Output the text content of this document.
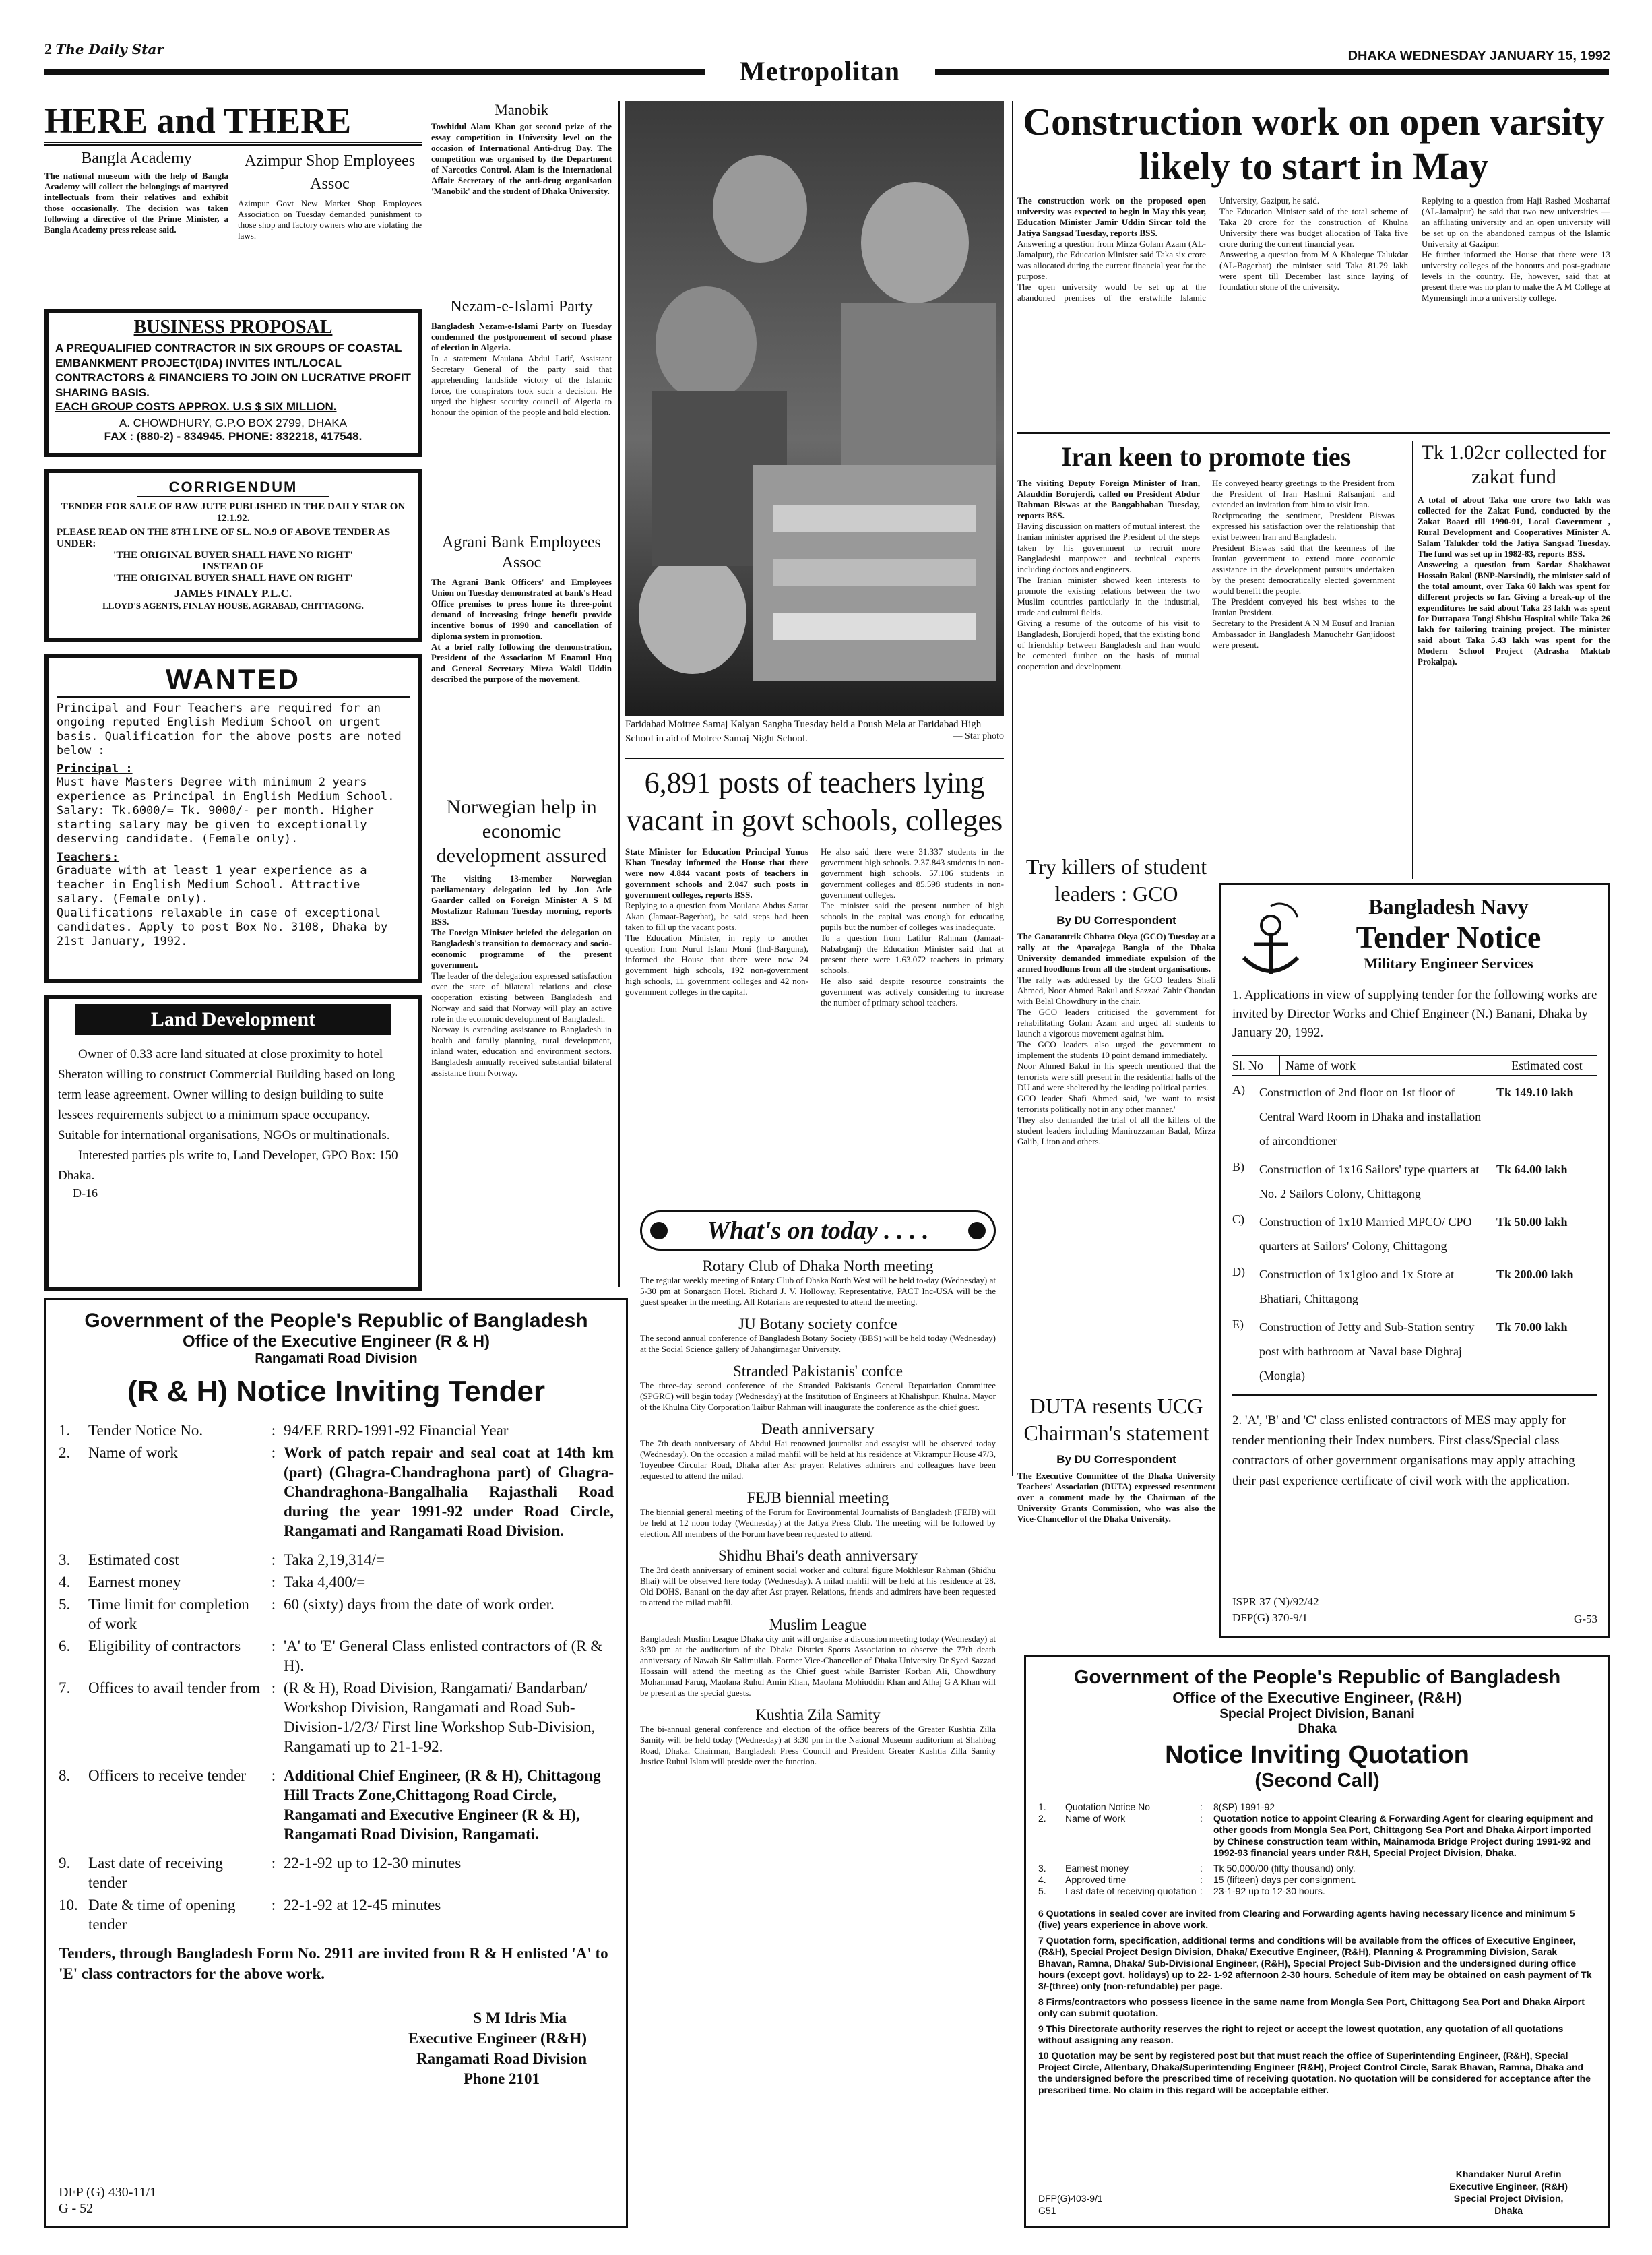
2 The Daily Star
Metropolitan	DHAKA WEDNESDAY JANUARY 15, 1992
HERE and THERE
Bangla Academy
The national museum with the help of Bangla Academy will collect the belongings of martyred intellectuals from their relatives and exhibit those occasionally. The decision was taken following a directive of the Prime Minister, a Bangla Academy press release said.
Azimpur Shop Employees Assoc
Azimpur Govt New Market Shop Employees Association on Tuesday demanded punishment to those shop and factory owners who are violating the laws.
BUSINESS PROPOSAL
A PREQUALIFIED CONTRACTOR IN SIX GROUPS OF COASTAL EMBANKMENT PROJECT(IDA) INVITES INTL/LOCAL CONTRACTORS & FINANCIERS TO JOIN ON LUCRATIVE PROFIT SHARING BASIS.
EACH GROUP COSTS APPROX. U.S $ SIX MILLION.
A. CHOWDHURY, G.P.O BOX 2799, DHAKA
FAX : (880-2) - 834945. PHONE: 832218, 417548.
CORRIGENDUM
TENDER FOR SALE OF RAW JUTE PUBLISHED IN THE DAILY STAR ON 12.1.92.
PLEASE READ ON THE 8TH LINE OF SL. NO.9 OF ABOVE TENDER AS UNDER:
'THE ORIGINAL BUYER SHALL HAVE NO RIGHT'
INSTEAD OF
'THE ORIGINAL BUYER SHALL HAVE ON RIGHT'
JAMES FINALY P.L.C.
LLOYD'S AGENTS, FINLAY HOUSE, AGRABAD, CHITTAGONG.
WANTED
Principal and Four Teachers are required for an ongoing reputed English Medium School on urgent basis. Qualification for the above posts are noted below :
Principal :
Must have Masters Degree with minimum 2 years experience as Principal in English Medium School. Salary: Tk.6000/= Tk. 9000/- per month. Higher starting salary may be given to exceptionally deserving candidate. (Female only).
Teachers:
Graduate with at least 1 year experience as a teacher in English Medium School. Attractive salary. (Female only).
Qualifications relaxable in case of exceptional candidates. Apply to post Box No. 3108, Dhaka by 21st January, 1992.
Land Development
Owner of 0.33 acre land situated at close proximity to hotel Sheraton willing to construct Commercial Building based on long term lease agreement. Owner willing to design building to suite lessees requirements subject to a minimum space occupancy. Suitable for international organisations, NGOs or multinationals.
Interested parties pls write to, Land Developer, GPO Box: 150 Dhaka.
D-16
Manobik
Towhidul Alam Khan got second prize of the essay competition in University level on the occasion of International Anti-drug Day. The competition was organised by the Department of Narcotics Control. Alam is the International Affair Secretary of the anti-drug organisation 'Manobik' and the student of Dhaka University.
Nezam-e-Islami Party
Bangladesh Nezam-e-Islami Party on Tuesday condemned the postponement of second phase of election in Algeria.
In a statement Maulana Abdul Latif, Assistant Secretary General of the party said that apprehending landslide victory of the Islamic force, the conspirators took such a decision. He urged the highest security council of Algeria to honour the opinion of the people and hold election.
Agrani Bank Employees Assoc
The Agrani Bank Officers' and Employees Union on Tuesday demonstrated at bank's Head Office premises to press home its three-point demand of increasing fringe benefit provide incentive bonus of 1990 and cancellation of diploma system in promotion.
At a brief rally following the demonstration, President of the Association M Enamul Huq and General Secretary Mirza Wakil Uddin described the purpose of the movement.
Norwegian help in economic development assured
The visiting 13-member Norwegian parliamentary delegation led by Jon Atle Gaarder called on Foreign Minister A S M Mostafizur Rahman Tuesday morning, reports BSS.
The Foreign Minister briefed the delegation on Bangladesh's transition to democracy and socio-economic programme of the present government.
The leader of the delegation expressed satisfaction over the state of bilateral relations and close cooperation existing between Bangladesh and Norway and said that Norway will play an active role in the economic development of Bangladesh.
Norway is extending assistance to Bangladesh in health and family planning, rural development, inland water, education and environment sectors. Bangladesh annually received substantial bilateral assistance from Norway.
Faridabad Moitree Samaj Kalyan Sangha Tuesday held a Poush Mela at Faridabad High School in aid of Motree Samaj Night School.	— Star photo
6,891 posts of teachers lying vacant in govt schools, colleges
State Minister for Education Principal Yunus Khan Tuesday informed the House that there were now 4.844 vacant posts of teachers in government schools and 2.047 such posts in government colleges, reports BSS.
Replying to a question from Moulana Abdus Sattar Akan (Jamaat-Bagerhat), he said steps had been taken to fill up the vacant posts.
The Education Minister, in reply to another question from Nurul Islam Moni (Ind-Barguna), informed the House that there were now 24 government high schools, 192 non-government high schools, 11 government colleges and 42 non-government colleges in the capital.
He also said there were 31.337 students in the government high schools. 2.37.843 students in non-government high schools. 57.106 students in government colleges and 85.598 students in non-government colleges.
The minister said the present number of high schools in the capital was enough for educating pupils but the number of colleges was inadequate.
To a question from Latifur Rahman (Jamaat-Nababganj) the Education Minister said that at present there were 1.63.072 teachers in primary schools.
He also said despite resource constraints the government was actively considering to increase the number of primary school teachers.
What's on today . . . .
Rotary Club of Dhaka North meeting
The regular weekly meeting of Rotary Club of Dhaka North West will be held to-day (Wednesday) at 5-30 pm at Sonargaon Hotel. Richard J. V. Holloway, Representative, PACT Inc-USA will be the guest speaker in the meeting. All Rotarians are requested to attend the meeting.
JU Botany society confce
The second annual conference of Bangladesh Botany Society (BBS) will be held today (Wednesday) at the Social Science gallery of Jahangirnagar University.
Stranded Pakistanis' confce
The three-day second conference of the Stranded Pakistanis General Repatriation Committee (SPGRC) will begin today (Wednesday) at the Institution of Engineers at Khalishpur, Khulna. Mayor of the Khulna City Corporation Taibur Rahman will inaugurate the conference as the chief guest.
Death anniversary
The 7th death anniversary of Abdul Hai renowned journalist and essayist will be observed today (Wednesday). On the occasion a milad mahfil will be held at his residence at Vikrampur House 47/3, Toyenbee Circular Road, Dhaka after Asr prayer. Relatives admirers and colleagues have been requested to attend the milad.
FEJB biennial meeting
The biennial general meeting of the Forum for Environmental Journalists of Bangladesh (FEJB) will be held at 12 noon today (Wednesday) at the Jatiya Press Club. The meeting will be followed by election. All members of the Forum have been requested to attend.
Shidhu Bhai's death anniversary
The 3rd death anniversary of eminent social worker and cultural figure Mokhlesur Rahman (Shidhu Bhai) will be observed here today (Wednesday). A milad mahfil will be held at his residence at 28, Old DOHS, Banani on the day after Asr prayer. Relations, friends and admirers have been requested to attend the milad mahfil.
Muslim League
Bangladesh Muslim League Dhaka city unit will organise a discussion meeting today (Wednesday) at 3:30 pm at the auditorium of the Dhaka District Sports Association to observe the 77th death anniversary of Nawab Sir Salimullah. Former Vice-Chancellor of Dhaka University Dr Syed Sazzad Hossain will attend the meeting as the Chief guest while Barrister Korban Ali, Chowdhury Mohammad Faruq, Maolana Ruhul Amin Khan, Maolana Mohiuddin Khan and Alhaj G A Khan will be present as the special guests.
Kushtia Zila Samity
The bi-annual general conference and election of the office bearers of the Greater Kushtia Zilla Samity will be held today (Wednesday) at 3:30 pm in the National Museum auditorium at Shahbag Road, Dhaka. Chairman, Bangladesh Press Council and President Greater Kushtia Zilla Samity Justice Ruhul Islam will preside over the function.
Government of the People's Republic of Bangladesh
Office of the Executive Engineer (R & H)
Rangamati Road Division
(R & H) Notice Inviting Tender
1.	Tender Notice No.	: 94/EE RRD-1991-92 Financial Year
2.	Name of work	: Work of patch repair and seal coat at 14th km (part) (Ghagra-Chandraghona part) of Ghagra-Chandraghona-Bangalhalia Rajasthali Road during the year 1991-92 under Road Circle, Rangamati and Rangamati Road Division.
3.	Estimated cost	: Taka 2,19,314/=
4.	Earnest money	: Taka 4,400/=
5.	Time limit for completion of work
: 60 (sixty) days from the date of work order.
6.	Eligibility of contractors	: 'A' to 'E' General Class enlisted contractors of (R & H).
7.	Offices to avail tender from : (R & H), Road Division, Rangamati/ Bandarban/ Workshop Division, Rangamati and Road Sub-Division-1/2/3/ First line Workshop Sub-Division, Rangamati up to 21-1-92.
8.	Officers to receive tender	: Additional Chief Engineer, (R & H), Chittagong Hill Tracts Zone,Chittagong Road Circle, Rangamati and Executive Engineer (R & H), Rangamati Road Division, Rangamati.
9.	Last date of receiving tender
: 22-1-92 up to 12-30 minutes
10. Date & time of opening tender
: 22-1-92 at 12-45 minutes
Tenders, through Bangladesh Form No. 2911 are invited from R & H enlisted 'A' to 'E' class contractors for the above work.
S M Idris Mia
Executive Engineer (R&H)
Rangamati Road Division
Phone 2101
DFP (G) 430-11/1
G - 52
Construction work on open varsity likely to start in May
The construction work on the proposed open university was expected to begin in May this year, Education Minister Jamir Uddin Sircar told the Jatiya Sangsad Tuesday, reports BSS.
Answering a question from Mirza Golam Azam (AL-Jamalpur), the Education Minister said Taka six crore was allocated during the current financial year for the purpose.
The open university would be set up at the abandoned premises of the erstwhile Islamic University, Gazipur, he said.
The Education Minister said of the total scheme of Taka 20 crore for the construction of Khulna University there was budget allocation of Taka five crore during the current financial year.
Answering a question from M A Khaleque Talukdar (AL-Bagerhat) the minister said Taka 81.79 lakh were spent till December last since laying of foundation stone of the university.
Replying to a question from Haji Rashed Mosharraf (AL-Jamalpur) he said that two new universities — an affiliating university and an open university will be set up on the abandoned campus of the Islamic University at Gazipur.
He further informed the House that there were 13 university colleges of the honours and post-graduate levels in the country. He, however, said that at present there was no plan to make the A M College at Mymensingh into a university college.
Iran keen to promote ties
The visiting Deputy Foreign Minister of Iran, Alauddin Borujerdi, called on President Abdur Rahman Biswas at the Bangabhaban Tuesday, reports BSS.
Having discussion on matters of mutual interest, the Iranian minister apprised the President of the steps taken by his government to recruit more Bangladeshi manpower and technical experts including doctors and engineers.
The Iranian minister showed keen interests to promote the existing relations between the two Muslim countries particularly in the industrial, trade and cultural fields.
Giving a resume of the outcome of his visit to Bangladesh, Borujerdi hoped, that the existing bond of friendship between Bangladesh and Iran would be cemented further on the basis of mutual cooperation and development.
He conveyed hearty greetings to the President from the President of Iran Hashmi Rafsanjani and extended an invitation from him to visit Iran.
Reciprocating the sentiment, President Biswas expressed his satisfaction over the relationship that exist between Iran and Bangladesh.
President Biswas said that the keenness of the Iranian government to extend more economic assistance in the development pursuits undertaken by the present democratically elected government would benefit the people.
The President conveyed his best wishes to the Iranian President.
Secretary to the President A N M Eusuf and Iranian Ambassador in Bangladesh Manuchehr Ganjidoost were present.
Tk 1.02cr collected for zakat fund
A total of about Taka one crore two lakh was collected for the Zakat Fund, conducted by the Zakat Board till 1990-91, Local Government , Rural Development and Cooperatives Minister A. Salam Talukder told the Jatiya Sangsad Tuesday. The fund was set up in 1982-83, reports BSS.
Answering a question from Sardar Shakhawat Hossain Bakul (BNP-Narsindi), the minister said of the total amount, over Taka 60 lakh was spent for different projects so far. Giving a break-up of the expenditures he said about Taka 23 lakh was spent for Duttapara Tongi Shishu Hospital while Taka 26 lakh for tailoring training project. The minister said about Taka 5.43 lakh was spent for the Modern School Project (Adrasha Maktab Prokalpa).
Try killers of student leaders : GCO
By DU Correspondent
The Ganatantrik Chhatra Okya (GCO) Tuesday at a rally at the Aparajega Bangla of the Dhaka University demanded immediate expulsion of the armed hoodlums from all the student organisations.
The rally was addressed by the GCO leaders Shafi Ahmed, Noor Ahmed Bakul and Sazzad Zahir Chandan with Belal Chowdhury in the chair.
The GCO leaders criticised the government for rehabilitating Golam Azam and urged all students to launch a vigorous movement against him.
The GCO leaders also urged the government to implement the students 10 point demand immediately.
Noor Ahmed Bakul in his speech mentioned that the terrorists were still present in the residential halls of the DU and were sheltered by the leading political parties.
GCO leader Shafi Ahmed said, 'we want to resist terrorists politically not in any other manner.'
They also demanded the trial of all the killers of the student leaders including Maniruzzaman Badal, Mirza Galib, Liton and others.
DUTA resents UCG Chairman's statement
By DU Correspondent
The Executive Committee of the Dhaka University Teachers' Association (DUTA) expressed resentment over a comment made by the Chairman of the University Grants Commission, who was also the Vice-Chancellor of the Dhaka University.
Bangladesh Navy
Tender Notice
Military Engineer Services
1. Applications in view of supplying tender for the following works are invited by Director Works and Chief Engineer (N.) Banani, Dhaka by January 20, 1992.
Sl. No	Name of work	Estimated cost
A)	Construction of 2nd floor on 1st floor of Central Ward Room in Dhaka and installation of aircondtioner
Tk 149.10 lakh
B)	Construction of 1x16 Sailors' type quarters at No. 2 Sailors Colony, Chittagong
Tk 64.00 lakh
C)	Construction of 1x10 Married MPCO/ CPO quarters at Sailors' Colony, Chittagong
Tk 50.00 lakh
D)	Construction of 1x1gloo and 1x Store at Bhatiari, Chittagong
Tk 200.00 lakh
E)	Construction of Jetty and Sub-Station sentry post with bathroom at Naval base Dighraj (Mongla)
Tk 70.00 lakh
2. 'A', 'B' and 'C' class enlisted contractors of MES may apply for tender mentioning their Index numbers. First class/Special class contractors of other government organisations may apply attaching their past experience certificate of civil work with the application.
ISPR 37 (N)/92/42
DFP(G) 370-9/1	G-53
Government of the People's Republic of Bangladesh
Office of the Executive Engineer, (R&H)
Special Project Division, Banani
Dhaka
Notice Inviting Quotation
(Second Call)
1.	Quotation Notice No	:	8(SP) 1991-92
2.	Name of Work	:	Quotation notice to appoint Clearing & Forwarding Agent for clearing equipment and other goods from Mongla Sea Port, Chittagong Sea Port and Dhaka Airport imported by Chinese construction team within, Mainamoda Bridge Project during 1991-92 and 1992-93 financial years under R&H, Special Project Division, Dhaka.
3.	Earnest money	:	Tk 50,000/00 (fifty thousand) only.
4.	Approved time	:	15 (fifteen) days per consignment.
5.	Last date of receiving quotation :	23-1-92 up to 12-30 hours.

6 Quotations in sealed cover are invited from Clearing and Forwarding agents having necessary licence and minimum 5 (five) years experience in above work.

7 Quotation form, specification, additional terms and conditions will be available from the offices of Executive Engineer, (R&H), Special Project Design Division, Dhaka/ Executive Engineer, (R&H), Planning & Programming Division, Sarak Bhavan, Ramna, Dhaka/ Sub-Divisional Engineer, (R&H), Special Project Sub-Division and the undersigned during office hours (except govt. holidays) up to 22- 1-92 afternoon 2-30 hours. Schedule of item may be obtained on cash payment of Tk 3/-(three) only (non-refundable) per page.

8 Firms/contractors who possess licence in the same name from Mongla Sea Port, Chittagong Sea Port and Dhaka Airport only can submit quotation.

9 This Directorate authority reserves the right to reject or accept the lowest quotation, any quotation of all quotations without assigning any reason.

10 Quotation may be sent by registered post but that must reach the office of Superintending Engineer, (R&H), Special Project Circle, Allenbary, Dhaka/Superintending Engineer (R&H), Project Control Circle, Sarak Bhavan, Ramna, Dhaka and the undersigned before the prescribed time of receiving quotation. No quotation will be considered for acceptance after the prescribed time. No claim in this regard will be acceptable either.

Khandaker Nurul Arefin
Executive Engineer, (R&H)
Special Project Division,
Dhaka
DFP(G)403-9/1
G51
